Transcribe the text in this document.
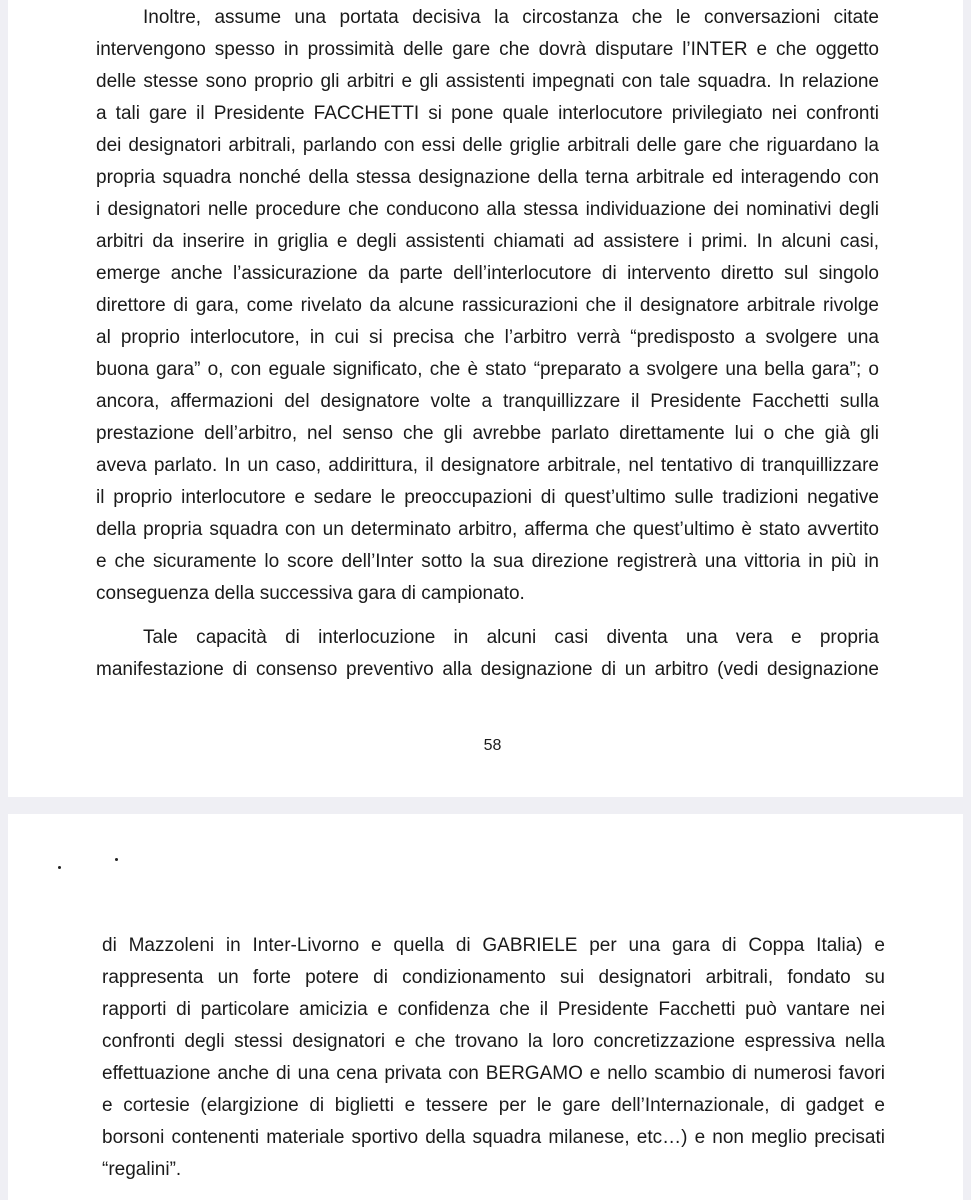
Inoltre, assume una portata decisiva la circostanza che le conversazioni citate
intervengono spesso in prossimità delle gare che dovrà disputare l’INTER e che oggetto
delle stesse sono proprio gli arbitri e gli assistenti impegnati con tale squadra. In relazione
a tali gare il Presidente FACCHETTI si pone quale interlocutore privilegiato nei confronti
dei designatori arbitrali, parlando con essi delle griglie arbitrali delle gare che riguardano la
propria squadra nonché della stessa designazione della terna arbitrale ed interagendo con
i designatori nelle procedure che conducono alla stessa individuazione dei nominativi degli
arbitri da inserire in griglia e degli assistenti chiamati ad assistere i primi. In alcuni casi,
emerge anche l’assicurazione da parte dell’interlocutore di intervento diretto sul singolo
direttore di gara, come rivelato da alcune rassicurazioni che il designatore arbitrale rivolge
al proprio interlocutore, in cui si precisa che l’arbitro verrà “predisposto a svolgere una
buona gara” o, con eguale significato, che è stato “preparato a svolgere una bella gara”; o
ancora, affermazioni del designatore volte a tranquillizzare il Presidente Facchetti sulla
prestazione dell’arbitro, nel senso che gli avrebbe parlato direttamente lui o che già gli
aveva parlato. In un caso, addirittura, il designatore arbitrale, nel tentativo di tranquillizzare
il proprio interlocutore e sedare le preoccupazioni di quest’ultimo sulle tradizioni negative
della propria squadra con un determinato arbitro, afferma che quest’ultimo è stato avvertito
e che sicuramente lo score dell’Inter sotto la sua direzione registrerà una vittoria in più in
conseguenza della successiva gara di campionato.
Tale capacità di interlocuzione in alcuni casi diventa una vera e propria
manifestazione di consenso preventivo alla designazione di un arbitro (vedi designazione
58
di Mazzoleni in Inter-Livorno e quella di GABRIELE per una gara di Coppa Italia) e
rappresenta un forte potere di condizionamento sui designatori arbitrali, fondato su
rapporti di particolare amicizia e confidenza che il Presidente Facchetti può vantare nei
confronti degli stessi designatori e che trovano la loro concretizzazione espressiva nella
effettuazione anche di una cena privata con BERGAMO e nello scambio di numerosi favori
e cortesie (elargizione di biglietti e tessere per le gare dell’Internazionale, di gadget e
borsoni contenenti materiale sportivo della squadra milanese, etc…) e non meglio precisati
“regalini”.
